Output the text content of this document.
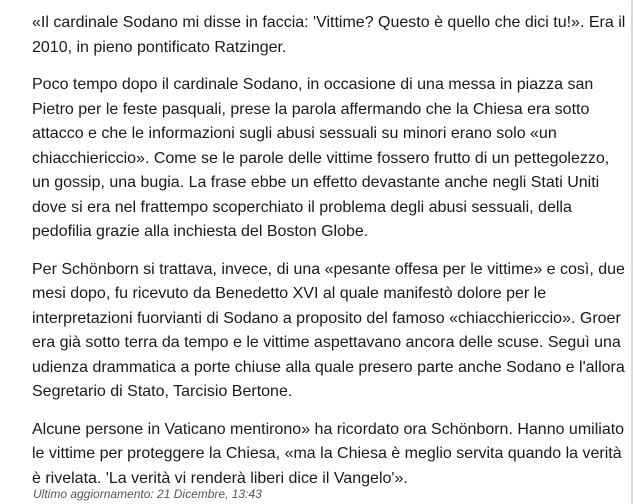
«Il cardinale Sodano mi disse in faccia: 'Vittime? Questo è quello che dici tu!». Era il 2010, in pieno pontificato Ratzinger.

Poco tempo dopo il cardinale Sodano, in occasione di una messa in piazza san Pietro per le feste pasquali, prese la parola affermando che la Chiesa era sotto attacco e che le informazioni sugli abusi sessuali su minori erano solo «un chiacchiericcio». Come se le parole delle vittime fossero frutto di un pettegolezzo, un gossip, una bugia. La frase ebbe un effetto devastante anche negli Stati Uniti dove si era nel frattempo scoperchiato il problema degli abusi sessuali, della pedofilia grazie alla inchiesta del Boston Globe.

Per Schönborn si trattava, invece, di una «pesante offesa per le vittime» e così, due mesi dopo, fu ricevuto da Benedetto XVI al quale manifestò dolore per le interpretazioni fuorvianti di Sodano a proposito del famoso «chiacchiericcio». Groer era già sotto terra da tempo e le vittime aspettavano ancora delle scuse. Seguì una udienza drammatica a porte chiuse alla quale presero parte anche Sodano e l'allora Segretario di Stato, Tarcisio Bertone.

Alcune persone in Vaticano mentirono» ha ricordato ora Schönborn. Hanno umiliato le vittime per proteggere la Chiesa, «ma la Chiesa è meglio servita quando la verità è rivelata. 'La verità vi renderà liberi dice il Vangelo'».

Ultimo aggiornamento: 21 Dicembre, 13:43
